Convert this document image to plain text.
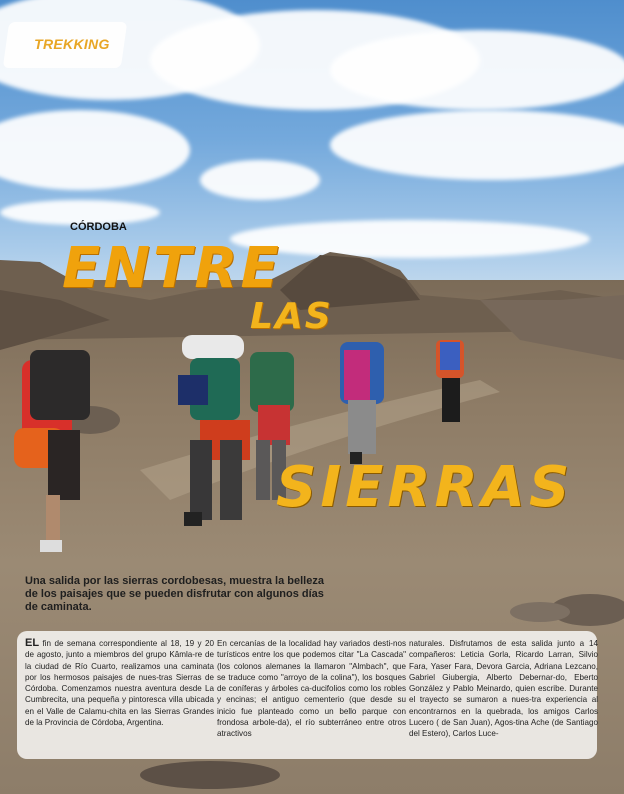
TREKKING
CÓRDOBA
ENTRE
LAS
SIERRAS
Una salida por las sierras cordobesas, muestra la belleza de los paisajes que se pueden disfrutar con algunos días de caminata.
EL fin de semana correspondiente al 18, 19 y 20 de agosto, junto a miembros del grupo Kâmla-re de la ciudad de Río Cuarto, realizamos una caminata por los hermosos paisajes de nues-tras Sierras de Córdoba. Comenzamos nuestra aventura desde La Cumbrecita, una pequeña y pintoresca villa ubicada en el Valle de Calamu-chita en las Sierras Grandes de la Provincia de Córdoba, Argentina.
En cercanías de la localidad hay variados desti-nos turísticos entre los que podemos citar "La Cascada" (los colonos alemanes la llamaron "Almbach", que se traduce como "arroyo de la colina"), los bosques de coníferas y árboles ca-ducifolios como los robles y encinas; el antiguo cementerio (que desde su inicio fue planteado como un bello parque con frondosa arbole-da), el río subterráneo entre otros atractivos
naturales. Disfrutamos de esta salida junto a 14 compañeros: Leticia Gorla, Ricardo Larran, Silvio Fara, Yaser Fara, Devora Garcia, Adriana Lezcano, Gabriel Giubergia, Alberto Debernar-do, Eberto González y Pablo Meinardo, quien escribe. Durante el trayecto se sumaron a nues-tra experiencia al encontrarnos en la quebrada, los amigos Carlos Lucero ( de San Juan), Agos-tina Ache (de Santiago del Estero), Carlos Luce-
